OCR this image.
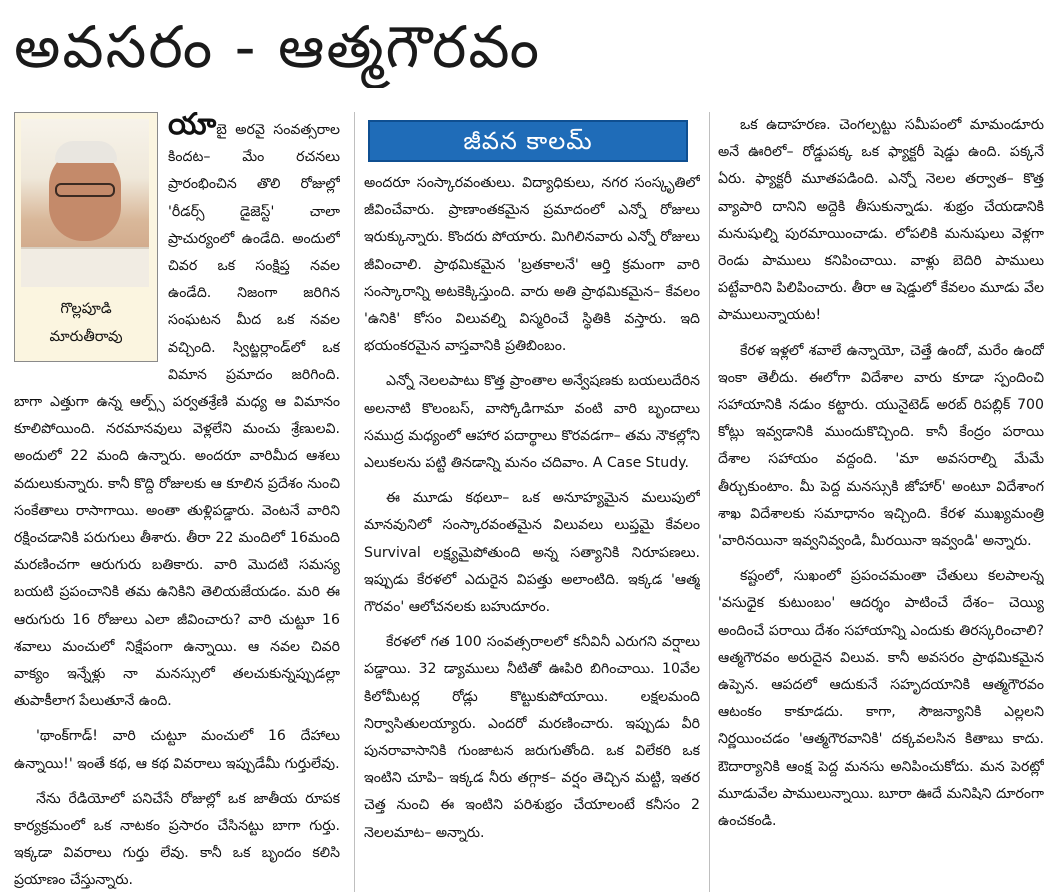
అవసరం - ఆత్మగౌరవం
గొల్లపూడి
మారుతీరావు

యాబై అరవై సంవత్సరాల కిందట– మేం రచనలు ప్రారంభించిన తొలి రోజుల్లో 'రీడర్స్ డైజెస్ట్' చాలా ప్రాచుర్యంలో ఉండేది. అందులో చివర ఒక సంక్షిప్త నవల ఉండేది. నిజంగా జరిగిన సంఘటన మీద ఒక నవల వచ్చింది. స్విట్జర్లాండ్‌లో ఒక విమాన ప్రమాదం జరిగింది. బాగా ఎత్తుగా ఉన్న ఆల్ప్స్ పర్వతశ్రేణి మధ్య ఆ విమానం కూలిపోయింది. నరమానవులు వెళ్లలేని మంచు శ్రేణులవి. అందులో 22 మంది ఉన్నారు. అందరూ వారిమీద ఆశలు వదులుకున్నారు. కానీ కొద్ది రోజులకు ఆ కూలిన ప్రదేశం నుంచి సంకేతాలు రాసాగాయి. అంతా తుళ్లిపడ్డారు. వెంటనే వారిని రక్షించడానికి పరుగులు తీశారు. తీరా 22 మందిలో 16మంది మరణించగా ఆరుగురు బతికారు. వారి మొదటి సమస్య బయటి ప్రపంచానికి తమ ఉనికిని తెలియజేయడం. మరి ఈ ఆరుగురు 16 రోజులు ఎలా జీవించారు? వారి చుట్టూ 16 శవాలు మంచులో నిక్షేపంగా ఉన్నాయి. ఆ నవల చివరి వాక్యం ఇన్నేళ్లు నా మనస్సులో తలచుకున్నప్పుడల్లా తుపాకీలాగ పేలుతూనే ఉంది.

'థాంక్‌గాడ్! వారి చుట్టూ మంచులో 16 దేహాలు ఉన్నాయి!' ఇంతే కథ, ఆ కథ వివరాలు ఇప్పుడేమీ గుర్తులేవు.

నేను రేడియోలో పనిచేసే రోజుల్లో ఒక జాతీయ రూపక కార్యక్రమంలో ఒక నాటకం ప్రసారం చేసినట్టు బాగా గుర్తు. ఇక్కడా వివరాలు గుర్తు లేవు. కానీ ఒక బృందం కలిసి ప్రయాణం చేస్తున్నారు.

జీవన కాలమ్

అందరూ సంస్కారవంతులు. విద్యాధికులు, నగర సంస్కృతిలో జీవించేవారు. ప్రాణాంతకమైన ప్రమాదంలో ఎన్నో రోజులు ఇరుక్కున్నారు. కొందరు పోయారు. మిగిలినవారు ఎన్నో రోజులు జీవించాలి. ప్రాథమికమైన 'బ్రతకాలనే' ఆర్తి క్రమంగా వారి సంస్కారాన్ని అటకెక్కిస్తుంది. వారు అతి ప్రాథమికమైన– కేవలం 'ఉనికి' కోసం విలువల్ని విస్మరించే స్థితికి వస్తారు. ఇది భయంకరమైన వాస్తవానికి ప్రతిబింబం.

ఎన్నో నెలలపాటు కొత్త ప్రాంతాల అన్వేషణకు బయలుదేరిన అలనాటి కొలంబస్, వాస్కోడిగామా వంటి వారి బృందాలు సముద్ర మధ్యంలో ఆహార పదార్థాలు కొరవడగా– తమ నౌకల్లోని ఎలుకలను పట్టి తినడాన్ని మనం చదివాం. A Case Study.

ఈ మూడు కథలూ– ఒక అనూహ్యమైన మలుపులో మానవునిలో సంస్కారవంతమైన విలువలు లుప్తమై కేవలం Survival లక్ష్యమైపోతుంది అన్న సత్యానికి నిరూపణలు. ఇప్పుడు కేరళలో ఎదురైన విపత్తు అలాంటిది. ఇక్కడ 'ఆత్మ గౌరవం' ఆలోచనలకు బహుదూరం.

కేరళలో గత 100 సంవత్సరాలలో కనీవినీ ఎరుగని వర్షాలు పడ్డాయి. 32 డ్యాములు నీటితో ఊపిరి బిగించాయి. 10వేల కిలోమీటర్ల రోడ్లు కొట్టుకుపోయాయి. లక్షలమంది నిర్వాసితులయ్యారు. ఎందరో మరణించారు. ఇప్పుడు వీరి పునరావాసానికి గుంజాటన జరుగుతోంది. ఒక విలేకరి ఒక ఇంటిని చూపి– ఇక్కడ నీరు తగ్గాక– వర్షం తెచ్చిన మట్టి, ఇతర చెత్త నుంచి ఈ ఇంటిని పరిశుభ్రం చేయాలంటే కనీసం 2 నెలలమాట– అన్నారు.

ఒక ఉదాహరణ. చెంగల్పట్టు సమీపంలో మామండూరు అనే ఊరిలో– రోడ్డుపక్క ఒక ఫ్యాక్టరీ షెడ్డు ఉంది. పక్కనే ఏరు. ఫ్యాక్టరీ మూతపడింది. ఎన్నో నెలల తర్వాత– కొత్త వ్యాపారి దానిని అద్దెకి తీసుకున్నాడు. శుభ్రం చేయడానికి మనుషుల్ని పురమాయించాడు. లోపలికి మనుషులు వెళ్లగా రెండు పాములు కనిపించాయి. వాళ్లు బెదిరి పాములు పట్టేవారిని పిలిపించారు. తీరా ఆ షెడ్డులో కేవలం మూడు వేల పాములున్నాయట!

కేరళ ఇళ్లలో శవాలే ఉన్నాయో, చెత్తే ఉందో, మరేం ఉందో ఇంకా తెలీదు. ఈలోగా విదేశాల వారు కూడా స్పందించి సహాయానికి నడుం కట్టారు. యునైటెడ్ అరబ్ రిపబ్లిక్ 700 కోట్లు ఇవ్వడానికి ముందుకొచ్చింది. కానీ కేంద్రం పరాయి దేశాల సహాయం వద్దంది. 'మా అవసరాల్ని మేమే తీర్చుకుంటాం. మీ పెద్ద మనస్సుకి జోహార్' అంటూ విదేశాంగ శాఖ విదేశాలకు సమాధానం ఇచ్చింది. కేరళ ముఖ్యమంత్రి 'వారినయినా ఇవ్వనివ్వండి, మీరయినా ఇవ్వండి' అన్నారు.

కష్టంలో, సుఖంలో ప్రపంచమంతా చేతులు కలపాలన్న 'వసుధైక కుటుంబం' ఆదర్శం పాటించే దేశం– చెయ్యి అందించే పరాయి దేశం సహాయాన్ని ఎందుకు తిరస్కరించాలి? ఆత్మగౌరవం అరుదైన విలువ. కానీ అవసరం ప్రాథమికమైన ఉప్పెన. ఆపదలో ఆదుకునే సహృదయానికి ఆత్మగౌరవం ఆటంకం కాకూడదు. కాగా, సౌజన్యానికి ఎల్లలని నిర్ణయించడం 'ఆత్మగౌరవానికి' దక్కవలసిన కితాబు కాదు. ఔదార్యానికి ఆంక్ష పెద్ద మనసు అనిపించుకోదు. మన పెరట్లో మూడువేల పాములున్నాయి. బూరా ఊదే మనిషిని దూరంగా ఉంచకండి.
